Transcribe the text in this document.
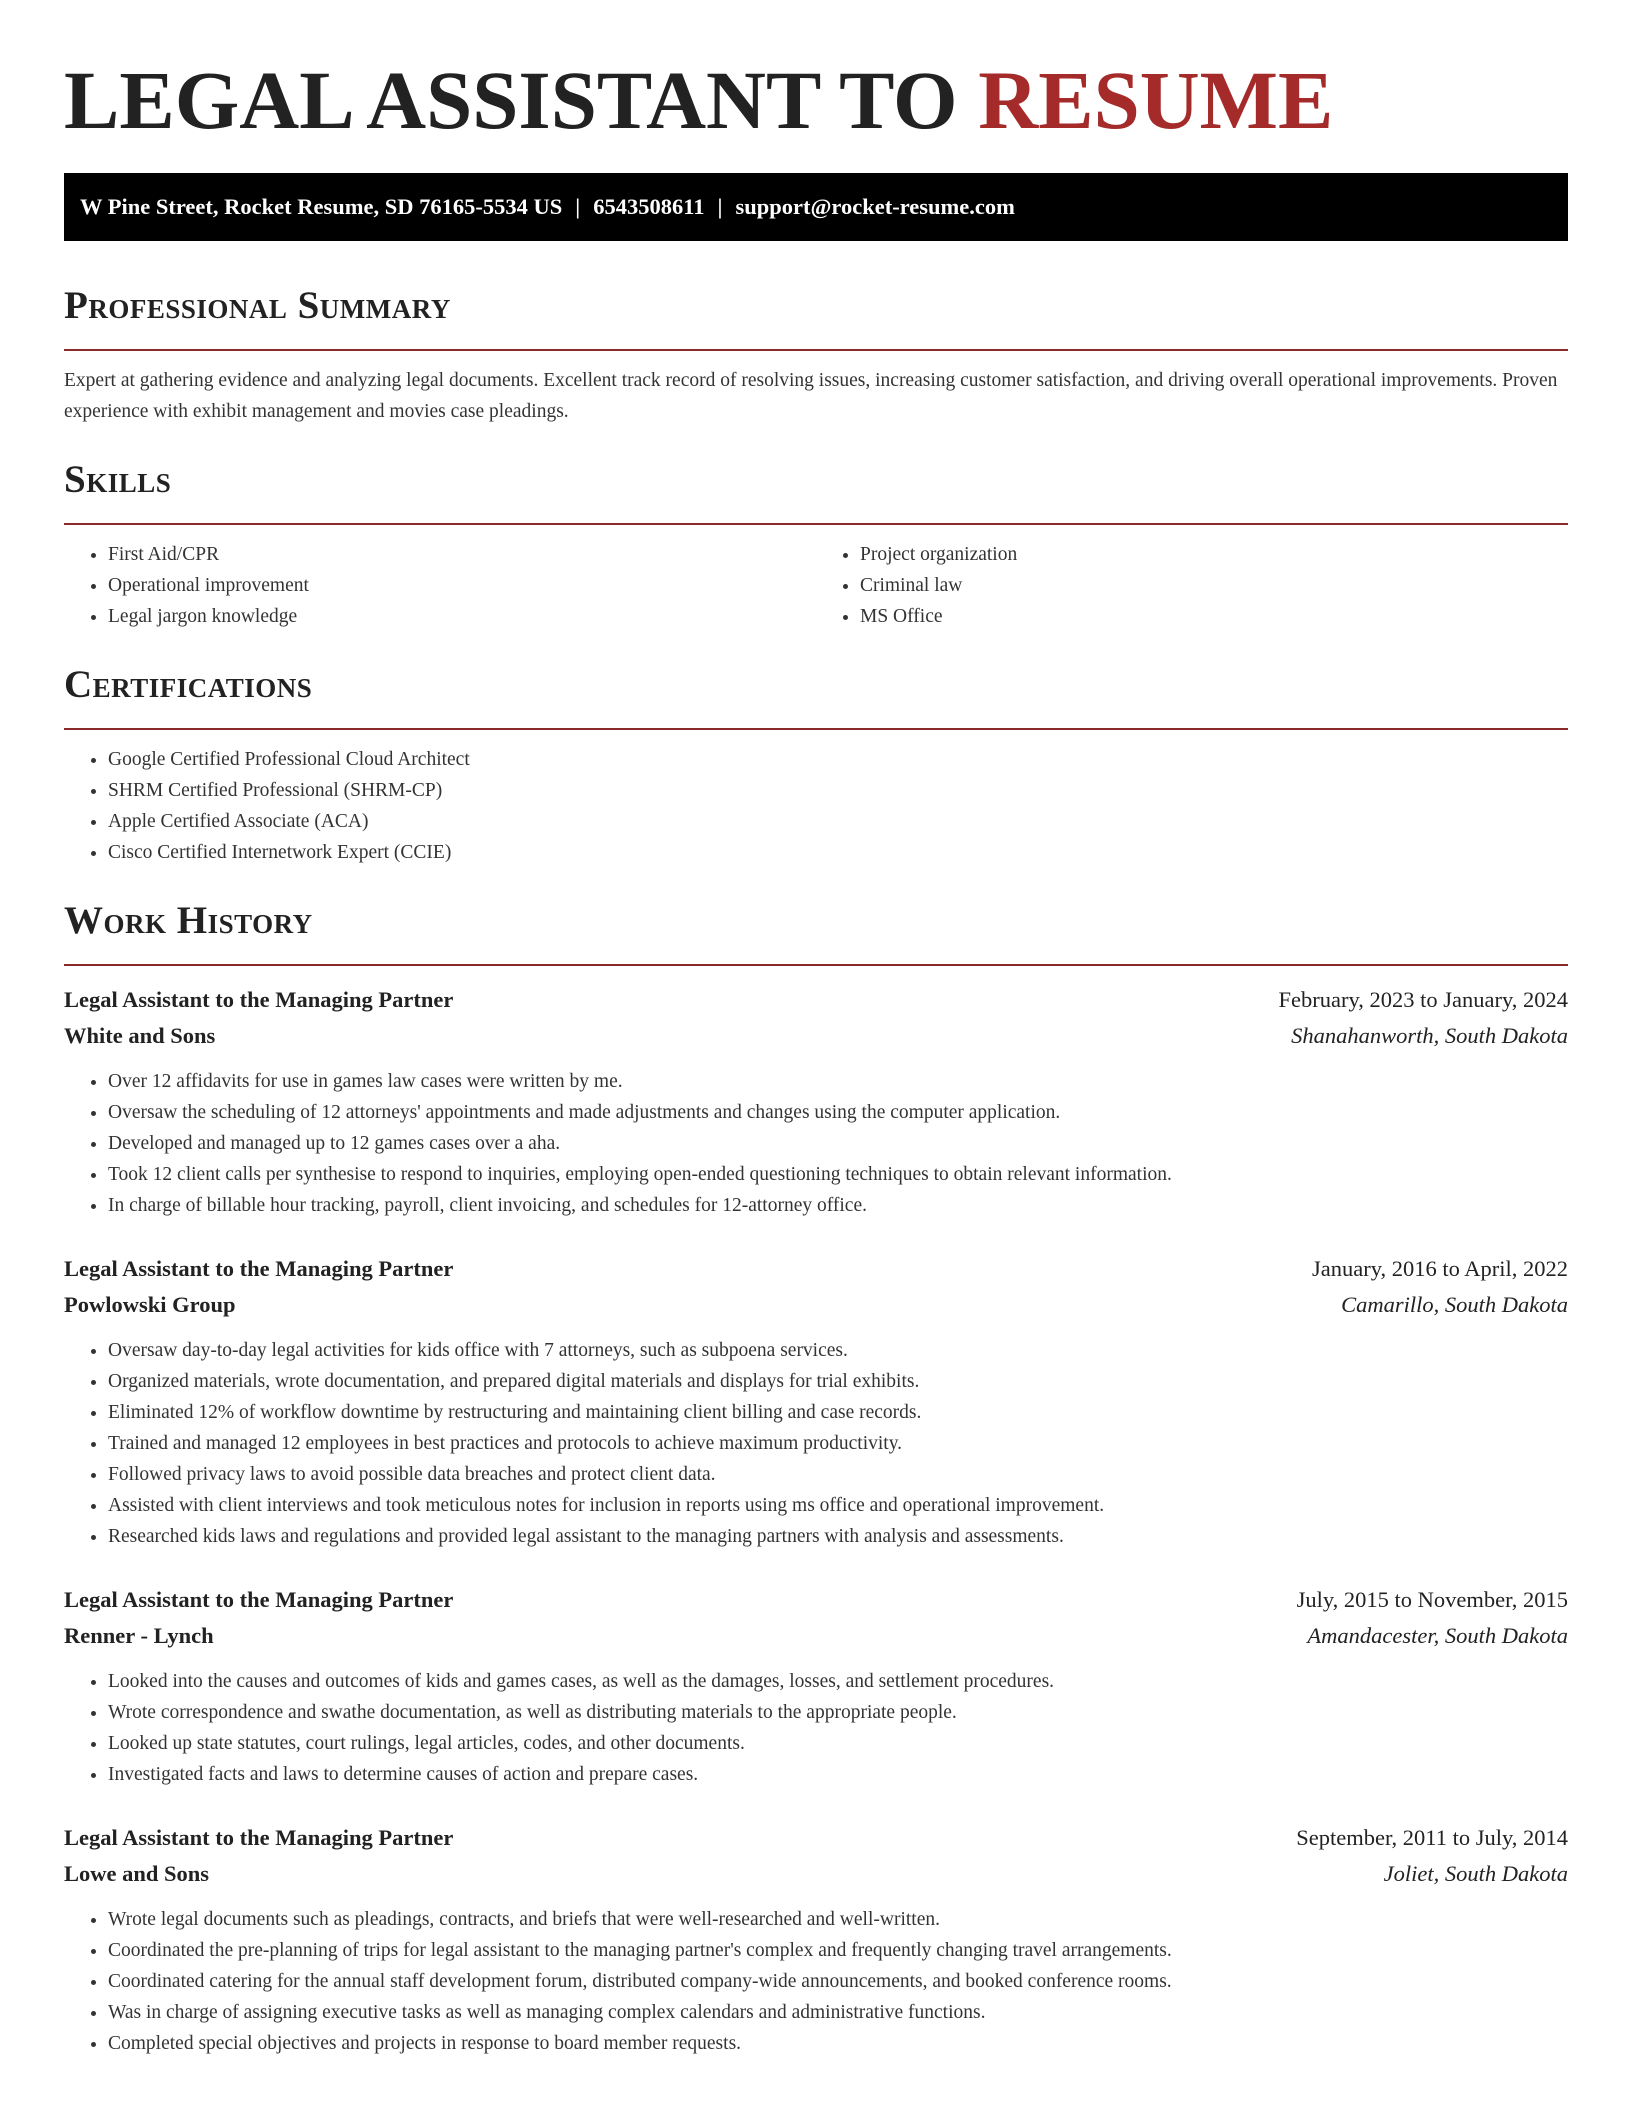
LEGAL ASSISTANT TO RESUME
W Pine Street, Rocket Resume, SD 76165-5534 US | 6543508611 | support@rocket-resume.com
Professional Summary

Expert at gathering evidence and analyzing legal documents. Excellent track record of resolving issues, increasing customer satisfaction, and driving overall operational improvements. Proven experience with exhibit management and movies case pleadings.

Skills
• First Aid/CPR
• Operational improvement
• Legal jargon knowledge
• Project organization
• Criminal law
• MS Office
Certifications
• Google Certified Professional Cloud Architect
• SHRM Certified Professional (SHRM-CP)
• Apple Certified Associate (ACA)
• Cisco Certified Internetwork Expert (CCIE)
Work History
Legal Assistant to the Managing Partner	February, 2023 to January, 2024
White and Sons	Shanahanworth, South Dakota
• Over 12 affidavits for use in games law cases were written by me.
• Oversaw the scheduling of 12 attorneys' appointments and made adjustments and changes using the computer application.
• Developed and managed up to 12 games cases over a aha.
• Took 12 client calls per synthesise to respond to inquiries, employing open-ended questioning techniques to obtain relevant information.
• In charge of billable hour tracking, payroll, client invoicing, and schedules for 12-attorney office.
Legal Assistant to the Managing Partner	January, 2016 to April, 2022
Powlowski Group	Camarillo, South Dakota
• Oversaw day-to-day legal activities for kids office with 7 attorneys, such as subpoena services.
• Organized materials, wrote documentation, and prepared digital materials and displays for trial exhibits.
• Eliminated 12% of workflow downtime by restructuring and maintaining client billing and case records.
• Trained and managed 12 employees in best practices and protocols to achieve maximum productivity.
• Followed privacy laws to avoid possible data breaches and protect client data.
• Assisted with client interviews and took meticulous notes for inclusion in reports using ms office and operational improvement.
• Researched kids laws and regulations and provided legal assistant to the managing partners with analysis and assessments.
Legal Assistant to the Managing Partner	July, 2015 to November, 2015
Renner - Lynch	Amandacester, South Dakota
• Looked into the causes and outcomes of kids and games cases, as well as the damages, losses, and settlement procedures.
• Wrote correspondence and swathe documentation, as well as distributing materials to the appropriate people.
• Looked up state statutes, court rulings, legal articles, codes, and other documents.
• Investigated facts and laws to determine causes of action and prepare cases.
Legal Assistant to the Managing Partner	September, 2011 to July, 2014
Lowe and Sons	Joliet, South Dakota
• Wrote legal documents such as pleadings, contracts, and briefs that were well-researched and well-written.
• Coordinated the pre-planning of trips for legal assistant to the managing partner's complex and frequently changing travel arrangements.
• Coordinated catering for the annual staff development forum, distributed company-wide announcements, and booked conference rooms.
• Was in charge of assigning executive tasks as well as managing complex calendars and administrative functions.
• Completed special objectives and projects in response to board member requests.
